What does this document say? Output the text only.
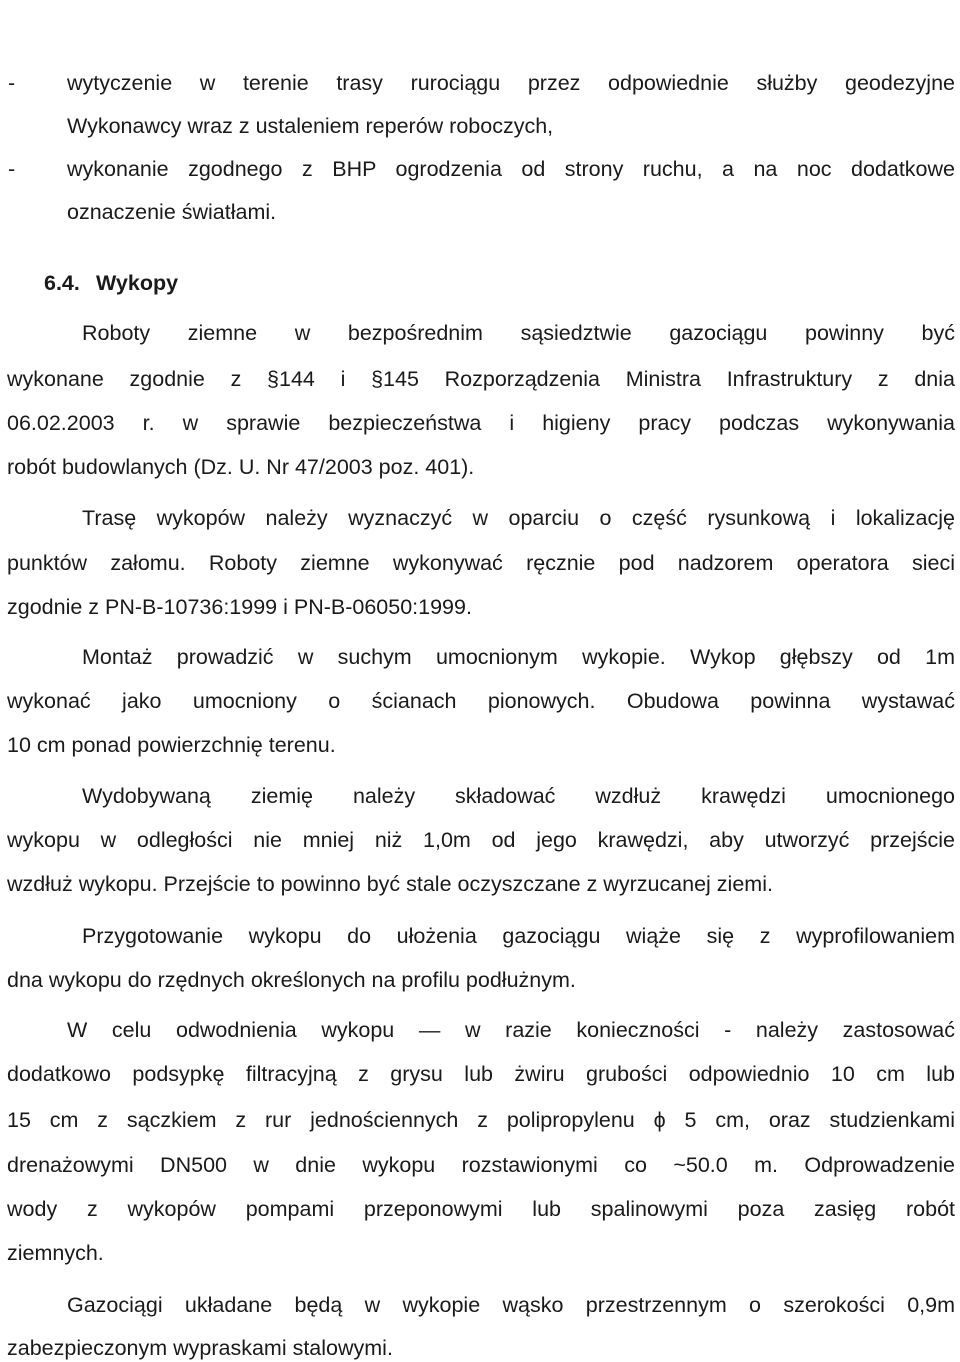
- wytyczenie w terenie trasy rurociągu przez odpowiednie służby geodezyjne
Wykonawcy wraz z ustaleniem reperów roboczych,
- wykonanie zgodnego z BHP ogrodzenia od strony ruchu, a na noc dodatkowe
oznaczenie światłami.
6.4. Wykopy
Roboty ziemne w bezpośrednim sąsiedztwie gazociągu powinny być
wykonane zgodnie z §144 i §145 Rozporządzenia Ministra Infrastruktury z dnia
06.02.2003 r. w sprawie bezpieczeństwa i higieny pracy podczas wykonywania
robót budowlanych (Dz. U. Nr 47/2003 poz. 401).
Trasę wykopów należy wyznaczyć w oparciu o część rysunkową i lokalizację
punktów załomu. Roboty ziemne wykonywać ręcznie pod nadzorem operatora sieci
zgodnie z PN-B-10736:1999 i PN-B-06050:1999.
Montaż prowadzić w suchym umocnionym wykopie. Wykop głębszy od 1m
wykonać jako umocniony o ścianach pionowych. Obudowa powinna wystawać
10 cm ponad powierzchnię terenu.
Wydobywaną ziemię należy składować wzdłuż krawędzi umocnionego
wykopu w odległości nie mniej niż 1,0m od jego krawędzi, aby utworzyć przejście
wzdłuż wykopu. Przejście to powinno być stale oczyszczane z wyrzucanej ziemi.
Przygotowanie wykopu do ułożenia gazociągu wiąże się z wyprofilowaniem
dna wykopu do rzędnych określonych na profilu podłużnym.
W celu odwodnienia wykopu — w razie konieczności - należy zastosować
dodatkowo podsypkę filtracyjną z grysu lub żwiru grubości odpowiednio 10 cm lub
15 cm z sączkiem z rur jednościennych z polipropylenu ϕ 5 cm, oraz studzienkami
drenażowymi DN500 w dnie wykopu rozstawionymi co ~50.0 m. Odprowadzenie
wody z wykopów pompami przeponowymi lub spalinowymi poza zasięg robót
ziemnych.
Gazociągi układane będą w wykopie wąsko przestrzennym o szerokości 0,9m
zabezpieczonym wypraskami stalowymi.
